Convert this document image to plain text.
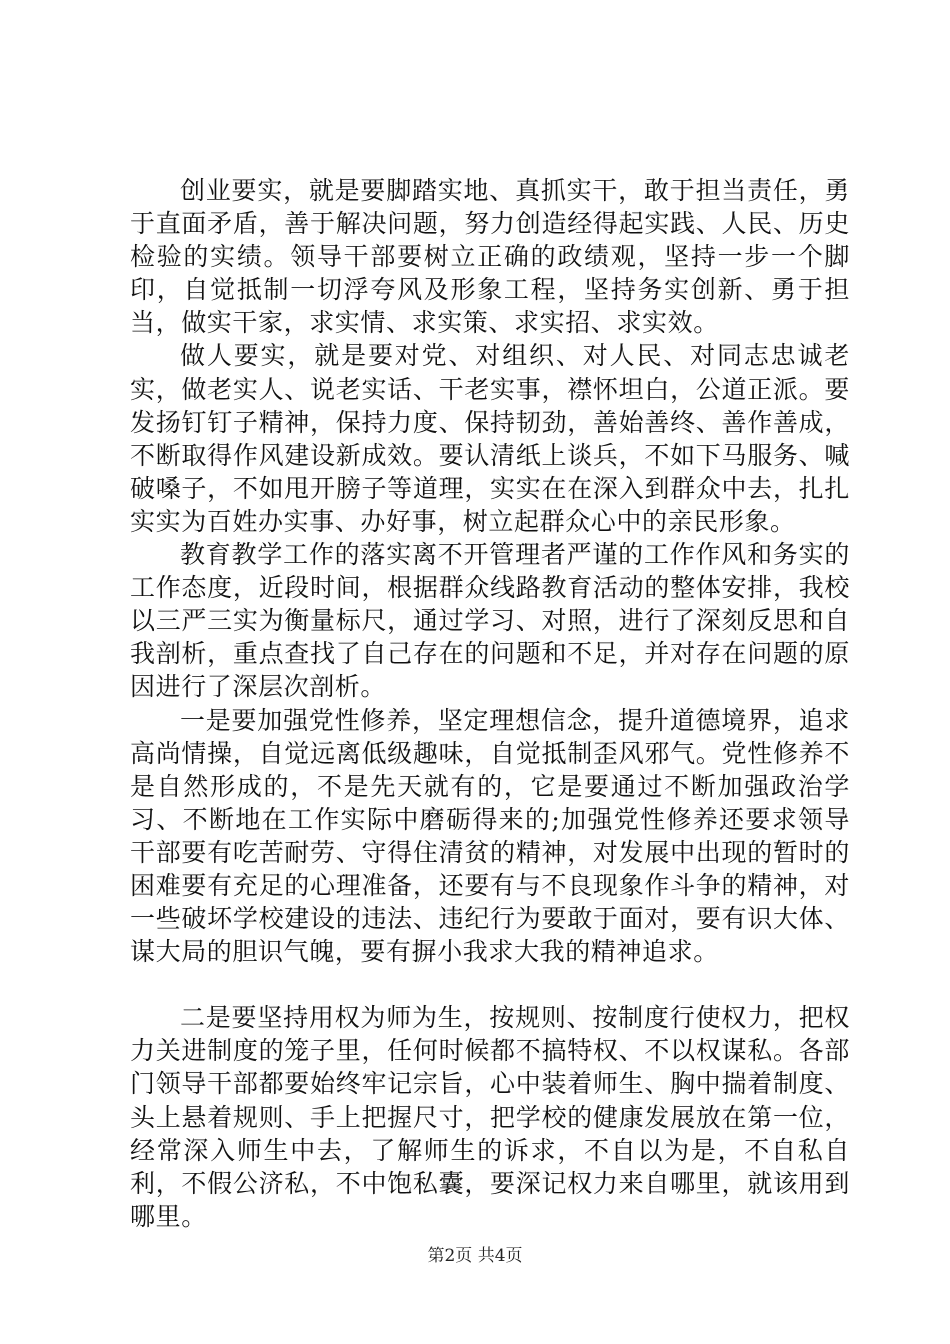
创业要实，就是要脚踏实地、真抓实干，敢于担当责任，勇于直面矛盾，善于解决问题，努力创造经得起实践、人民、历史检验的实绩。领导干部要树立正确的政绩观，坚持一步一个脚印，自觉抵制一切浮夸风及形象工程，坚持务实创新、勇于担当，做实干家，求实情、求实策、求实招、求实效。

做人要实，就是要对党、对组织、对人民、对同志忠诚老实，做老实人、说老实话、干老实事，襟怀坦白，公道正派。要发扬钉钉子精神，保持力度、保持韧劲，善始善终、善作善成，不断取得作风建设新成效。要认清纸上谈兵，不如下马服务、喊破嗓子，不如甩开膀子等道理，实实在在深入到群众中去，扎扎实实为百姓办实事、办好事，树立起群众心中的亲民形象。

教育教学工作的落实离不开管理者严谨的工作作风和务实的工作态度，近段时间，根据群众线路教育活动的整体安排，我校以三严三实为衡量标尺，通过学习、对照，进行了深刻反思和自我剖析，重点查找了自己存在的问题和不足，并对存在问题的原因进行了深层次剖析。

一是要加强党性修养，坚定理想信念，提升道德境界，追求高尚情操，自觉远离低级趣味，自觉抵制歪风邪气。党性修养不是自然形成的，不是先天就有的，它是要通过不断加强政治学习、不断地在工作实际中磨砺得来的;加强党性修养还要求领导干部要有吃苦耐劳、守得住清贫的精神，对发展中出现的暂时的困难要有充足的心理准备，还要有与不良现象作斗争的精神，对一些破坏学校建设的违法、违纪行为要敢于面对，要有识大体、谋大局的胆识气魄，要有摒小我求大我的精神追求。

二是要坚持用权为师为生，按规则、按制度行使权力，把权力关进制度的笼子里，任何时候都不搞特权、不以权谋私。各部门领导干部都要始终牢记宗旨，心中装着师生、胸中揣着制度、头上悬着规则、手上把握尺寸，把学校的健康发展放在第一位，经常深入师生中去，了解师生的诉求，不自以为是，不自私自利，不假公济私，不中饱私囊，要深记权力来自哪里，就该用到哪里。

第2页 共4页
